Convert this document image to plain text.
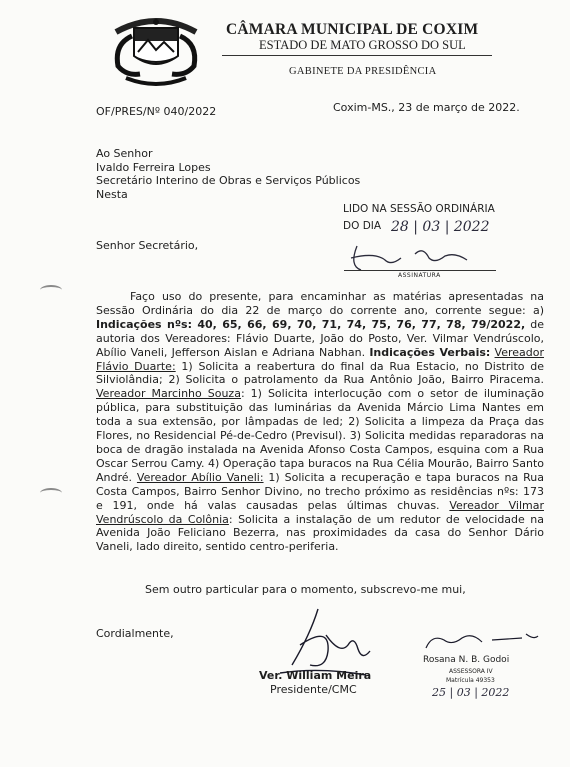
CÂMARA MUNICIPAL DE COXIM
ESTADO DE MATO GROSSO DO SUL
GABINETE DA PRESIDÊNCIA
OF/PRES/Nº 040/2022	Coxim-MS., 23 de março de 2022.
Ao Senhor
Ivaldo Ferreira Lopes
Secretário Interino de Obras e Serviços Públicos
Nesta
LIDO NA SESSÃO ORDINÁRIA
DO DIA 28 | 03 | 2022
ASSINATURA
Senhor Secretário,

Faço uso do presente, para encaminhar as matérias apresentadas na Sessão Ordinária do dia 22 de março do corrente ano, corrente segue: a) Indicações nºs: 40, 65, 66, 69, 70, 71, 74, 75, 76, 77, 78, 79/2022, de autoria dos Vereadores: Flávio Duarte, João do Posto, Ver. Vilmar Vendrúscolo, Abílio Vaneli, Jefferson Aislan e Adriana Nabhan. Indicações Verbais: Vereador Flávio Duarte: 1) Solicita a reabertura do final da Rua Estacio, no Distrito de Silviolândia; 2) Solicita o patrolamento da Rua Antônio João, Bairro Piracema. Vereador Marcinho Souza: 1) Solicita interlocução com o setor de iluminação pública, para substituição das luminárias da Avenida Márcio Lima Nantes em toda a sua extensão, por lâmpadas de led; 2) Solicita a limpeza da Praça das Flores, no Residencial Pé-de-Cedro (Previsul). 3) Solicita medidas reparadoras na boca de dragão instalada na Avenida Afonso Costa Campos, esquina com a Rua Oscar Serrou Camy. 4) Operação tapa buracos na Rua Célia Mourão, Bairro Santo André. Vereador Abílio Vaneli: 1) Solicita a recuperação e tapa buracos na Rua Costa Campos, Bairro Senhor Divino, no trecho próximo as residências nºs: 173 e 191, onde há valas causadas pelas últimas chuvas. Vereador Vilmar Vendrúscolo da Colônia: Solicita a instalação de um redutor de velocidade na Avenida João Feliciano Bezerra, nas proximidades da casa do Senhor Dário Vaneli, lado direito, sentido centro-periferia.

Sem outro particular para o momento, subscrevo-me mui,
Cordialmente,
Ver. William Meira
Presidente/CMC
Rosana N. B. Godoi
ASSESSORA IV
Matrícula 49353
25 | 03 | 2022
